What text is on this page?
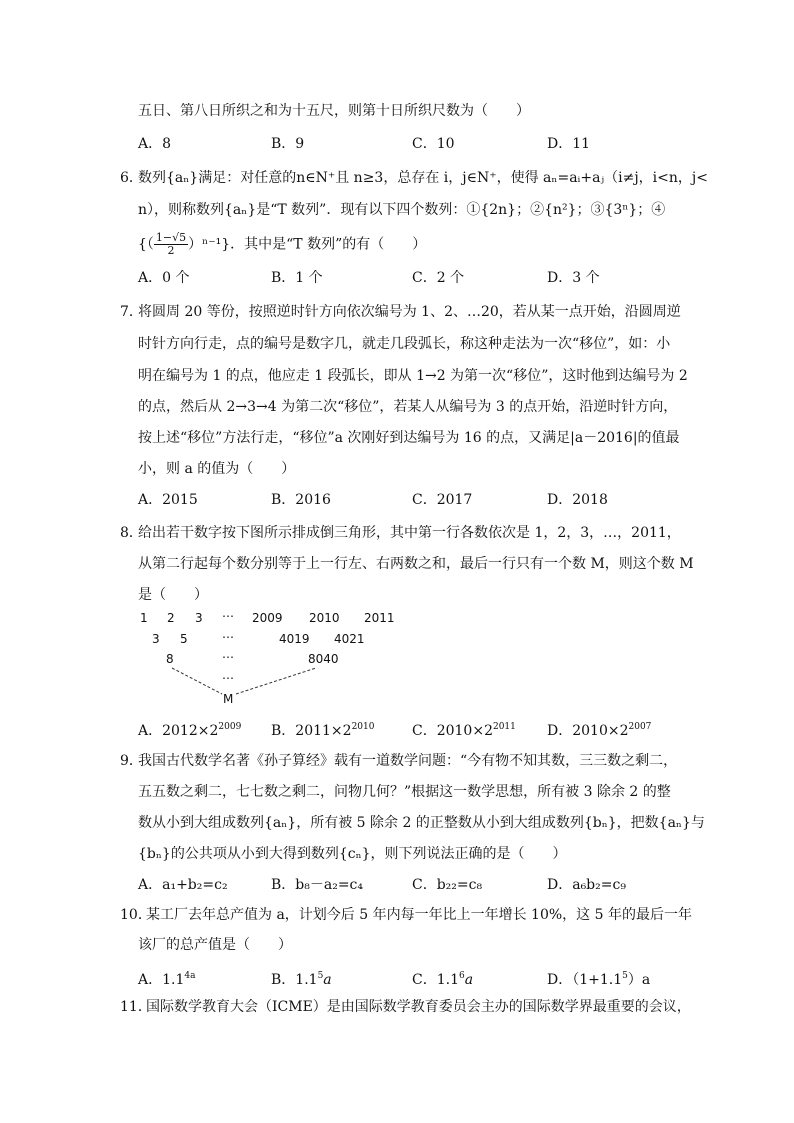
五日、第八日所织之和为十五尺，则第十日所织尺数为（　　）
A．8	B．9	C．10	D．11
6．
数列{aₙ}满足：对任意的n∈N⁺且 n≥3，总存在 i，j∈N⁺，使得 aₙ=aᵢ+aⱼ（i≠j，i<n，j<
n），则称数列{aₙ}是“T 数列”．现有以下四个数列：①{2n}；②{n²}；③{3ⁿ}；④
{（ $\frac{1-√5}{2} )^{n-1}$}．其中是“T 数列”的有（　　）
A．0 个	B．1 个	C．2 个	D．3 个
7．
将圆周 20 等份，按照逆时针方向依次编号为 1、2、…20，若从某一点开始，沿圆周逆
时针方向行走，点的编号是数字几，就走几段弧长，称这种走法为一次“移位”，如：小
明在编号为 1 的点，他应走 1 段弧长，即从 1→2 为第一次“移位”，这时他到达编号为 2
的点，然后从 2→3→4 为第二次“移位”，若某人从编号为 3 的点开始，沿逆时针方向，
按上述“移位”方法行走，“移位”a 次刚好到达编号为 16 的点，又满足|a－2016|的值最
小，则 a 的值为（　　）
A．2015	B．2016	C．2017	D．2018
8．
给出若干数字按下图所示排成倒三角形，其中第一行各数依次是 1，2，3，…，2011，
从第二行起每个数分别等于上一行左、右两数之和，最后一行只有一个数 M，则这个数 M
是（　　）
1 2 3 ⋯ 2009 2010 2011
3 5	⋯	4019 4021
8	⋯	8040
⋯
M
A．$2012\times 2^{2009}$ B．$2011\times 2^{2010}$	C．$2010\times 2^{2011}$ D．$2010\times 2^{2007}$
9．
我国古代数学名著《孙子算经》载有一道数学问题：“今有物不知其数，三三数之剩二，
五五数之剩二，七七数之剩二，问物几何？”根据这一数学思想，所有被 3 除余 2 的整
数从小到大组成数列{aₙ}，所有被 5 除余 2 的正整数从小到大组成数列{bₙ}，把数{aₙ}与
{bₙ}的公共项从小到大得到数列{cₙ}，则下列说法正确的是（　　）
A．a₁+b₂=c₂	B．b₈－a₂=c₄	C．b₂₂=c₈	D．a₆b₂=c₉
10．
某工厂去年总产值为 a，计划今后 5 年内每一年比上一年增长 10%，这 5 年的最后一年
该厂的总产值是（　　）
A．$1.1^{4a}$	B．$1.1^5a$	C．$1.1^6a$	D．$(1+1.1^5)a$
11．
国际数学教育大会（ICME）是由国际数学教育委员会主办的国际数学界最重要的会议，
